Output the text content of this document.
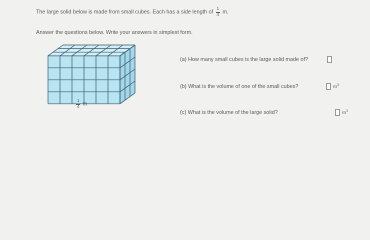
The large solid below is made from small cubes. Each has a side length of $\frac{1}{4} m$.
Answer the questions below. Write your answers in simplest form.
$\frac{1}{4}$ m
(a) How many small cubes is the large solid made of?
(b) What is the volume of one of the small cubes?	$m^3$
(c) What is the volume of the large solid?	$m^3$
